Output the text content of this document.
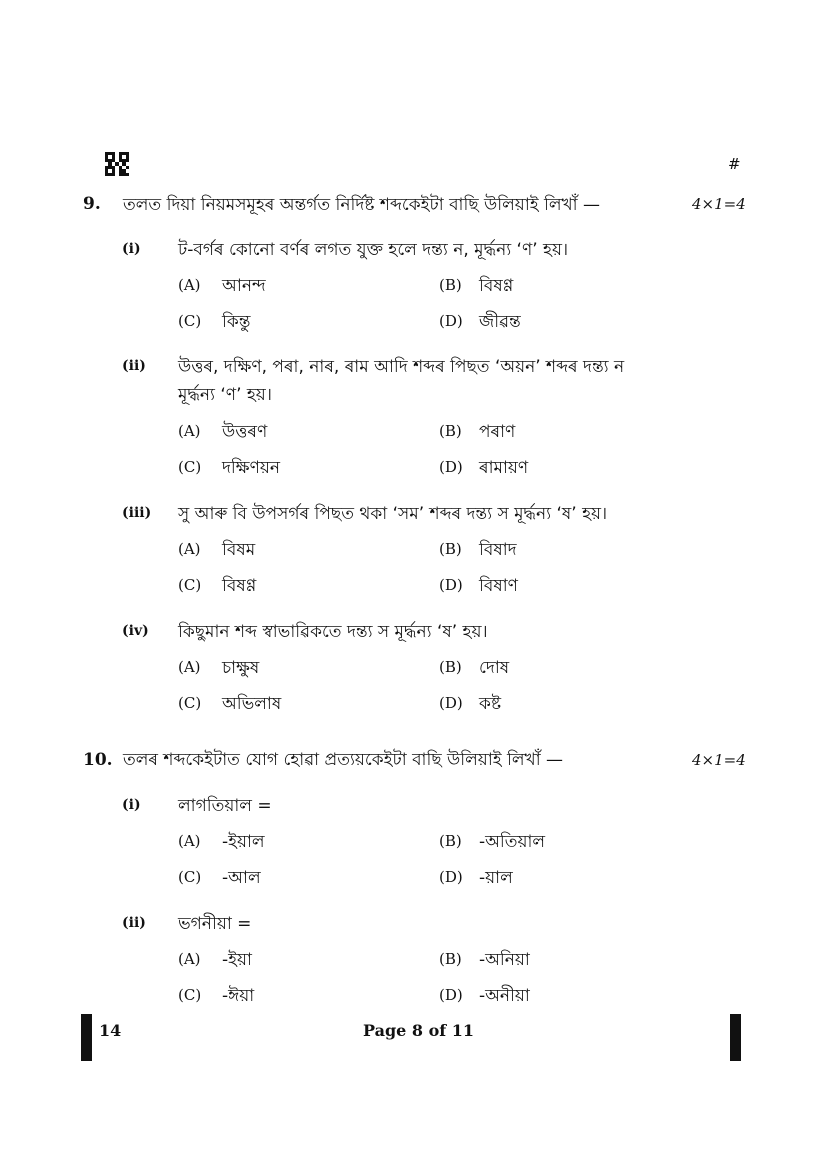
#
9. তলত দিয়া নিয়মসমূহৰ অন্তৰ্গত নিৰ্দিষ্ট শব্দকেইটা বাছি উলিয়াই লিখাঁ —	4×1=4
(i) ট-বৰ্গৰ কোনো বৰ্ণৰ লগত যুক্ত হলে দন্ত্য ন, মূৰ্দ্ধন্য ‘ণ’ হয়।
(A) আনন্দ	(B) বিষণ্ণ
(C) কিন্তু	(D) জীৱন্ত
(ii) উত্তৰ, দক্ষিণ, পৰা, নাৰ, ৰাম আদি শব্দৰ পিছত ‘অয়ন’ শব্দৰ দন্ত্য ন
মূৰ্দ্ধন্য ‘ণ’ হয়।
(A) উত্তৰণ	(B) পৰাণ
(C) দক্ষিণয়ন	(D) ৰামায়ণ
(iii) সু আৰু বি উপসৰ্গৰ পিছত থকা ‘সম’ শব্দৰ দন্ত্য স মূৰ্দ্ধন্য ‘ষ’ হয়।
(A) বিষম	(B) বিষাদ
(C) বিষণ্ণ	(D) বিষাণ
(iv) কিছুমান শব্দ স্বাভাৱিকতে দন্ত্য স মূৰ্দ্ধন্য ‘ষ’ হয়।
(A) চাক্ষুষ	(B) দোষ
(C) অভিলাষ	(D) কষ্ট
10. তলৰ শব্দকেইটাত যোগ হোৱা প্ৰত্যয়কেইটা বাছি উলিয়াই লিখাঁ —	4×1=4
(i) লাগতিয়াল =
(A) -ইয়াল	(B) -অতিয়াল
(C) -আল	(D) -য়াল
(ii) ভগনীয়া =
(A) -ইয়া	(B) -অনিয়া
(C) -ঈয়া	(D) -অনীয়া
14	Page 8 of 11
